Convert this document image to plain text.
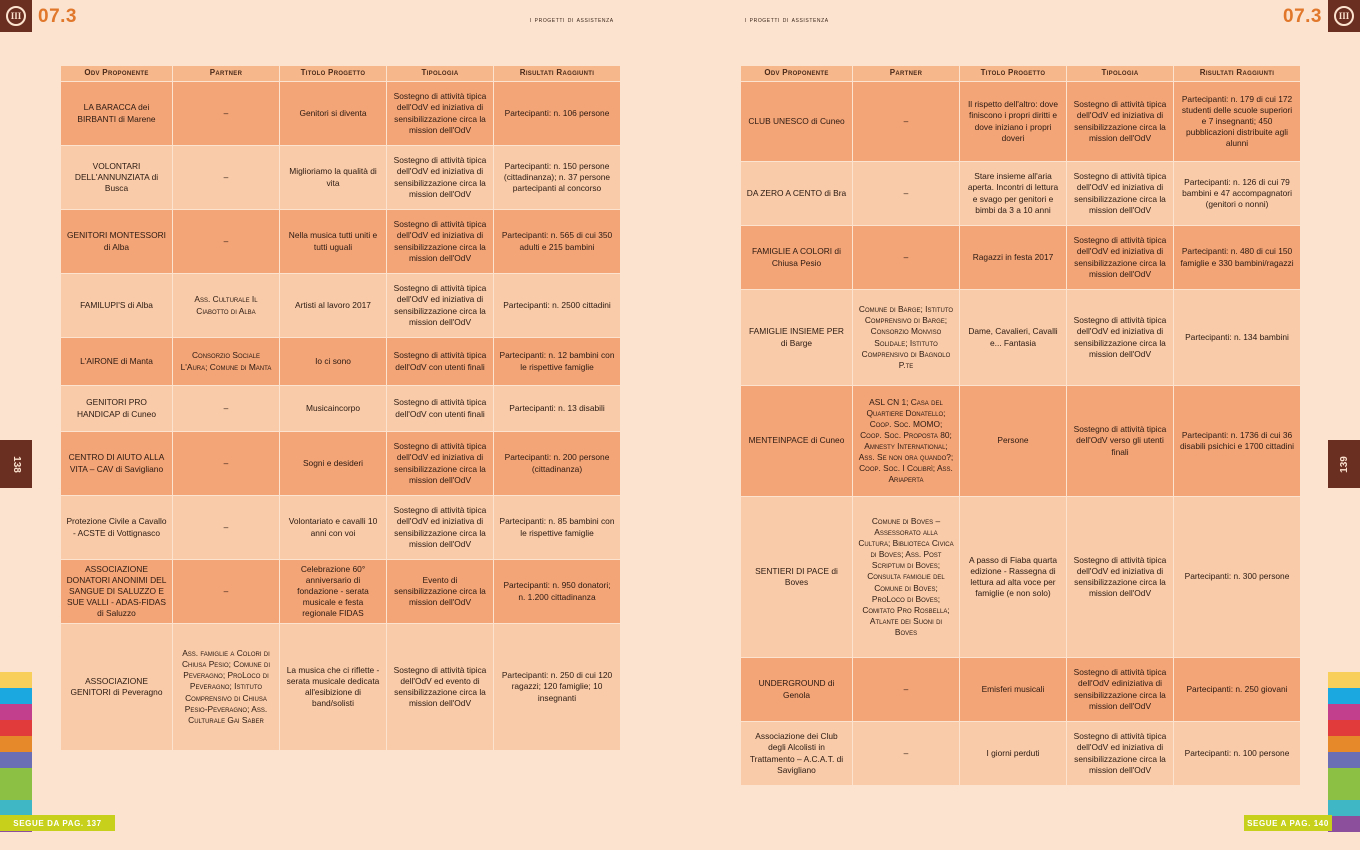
III 07.3	i progetti di assistenza
138
SEGUE DA PAG. 137
Odv Proponente	Partner	Titolo Progetto	Tipologia	Risultati Raggiunti
LA BARACCA dei BIRBANTI di Marene	–	Genitori si diventa	Sostegno di attività tipica dell'OdV ed iniziativa di sensibilizzazione circa la mission dell'OdV	Partecipanti: n. 106 persone
VOLONTARI DELL'ANNUNZIATA di Busca	–	Miglioriamo la qualità di vita	Sostegno di attività tipica dell'OdV ed iniziativa di sensibilizzazione circa la mission dell'OdV	Partecipanti: n. 150 persone (cittadinanza); n. 37 persone partecipanti al concorso
GENITORI MONTESSORI di Alba	–	Nella musica tutti uniti e tutti uguali	Sostegno di attività tipica dell'OdV ed iniziativa di sensibilizzazione circa la mission dell'OdV	Partecipanti: n. 565 di cui 350 adulti e 215 bambini
FAMILUPI'S di Alba	Ass. Culturale Il Ciabotto di Alba	Artisti al lavoro 2017	Sostegno di attività tipica dell'OdV ed iniziativa di sensibilizzazione circa la mission dell'OdV	Partecipanti: n. 2500 cittadini
L'AIRONE di Manta	Consorzio Sociale L'Aura; Comune di Manta	Io ci sono	Sostegno di attività tipica dell'OdV con utenti finali	Partecipanti: n. 12 bambini con le rispettive famiglie
GENITORI PRO HANDICAP di Cuneo	–	Musicaincorpo	Sostegno di attività tipica dell'OdV con utenti finali	Partecipanti: n. 13 disabili
CENTRO DI AIUTO ALLA VITA – CAV di Savigliano	–	Sogni e desideri	Sostegno di attività tipica dell'OdV ed iniziativa di sensibilizzazione circa la mission dell'OdV	Partecipanti: n. 200 persone (cittadinanza)
Protezione Civile a Cavallo - ACSTE di Vottignasco	–	Volontariato e cavalli 10 anni con voi	Sostegno di attività tipica dell'OdV ed iniziativa di sensibilizzazione circa la mission dell'OdV	Partecipanti: n. 85 bambini con le rispettive famiglie
ASSOCIAZIONE DONATORI ANONIMI DEL SANGUE DI SALUZZO E SUE VALLI - ADAS-FIDAS di Saluzzo	–	Celebrazione 60° anniversario di fondazione - serata musicale e festa regionale FIDAS	Evento di sensibilizzazione circa la mission dell'OdV	Partecipanti: n. 950 donatori; n. 1.200 cittadinanza
ASSOCIAZIONE GENITORI di Peveragno	Ass. famiglie a Colori di Chiusa Pesio; Comune di Peveragno; ProLoco di Peveragno; Istituto Comprensivo di Chiusa Pesio-Peveragno; Ass. Culturale Gai Saber	La musica che ci riflette - serata musicale dedicata all'esibizione di band/solisti	Sostegno di attività tipica dell'OdV ed evento di sensibilizzazione circa la mission dell'OdV	Partecipanti: n. 250 di cui 120 ragazzi; 120 famiglie; 10 insegnanti
III
07.3
i progetti di assistenza
139
SEGUE A PAG. 140
Odv Proponente	Partner	Titolo Progetto	Tipologia	Risultati Raggiunti
CLUB UNESCO di Cuneo	–	Il rispetto dell'altro: dove finiscono i propri diritti e dove iniziano i propri doveri	Sostegno di attività tipica dell'OdV ed iniziativa di sensibilizzazione circa la mission dell'OdV	Partecipanti: n. 179 di cui 172 studenti delle scuole superiori e 7 insegnanti; 450 pubblicazioni distribuite agli alunni
DA ZERO A CENTO di Bra	–	Stare insieme all'aria aperta. Incontri di lettura e svago per genitori e bimbi da 3 a 10 anni	Sostegno di attività tipica dell'OdV ed iniziativa di sensibilizzazione circa la mission dell'OdV	Partecipanti: n. 126 di cui 79 bambini e 47 accompagnatori (genitori o nonni)
FAMIGLIE A COLORI di Chiusa Pesio	–	Ragazzi in festa 2017	Sostegno di attività tipica dell'OdV ed iniziativa di sensibilizzazione circa la mission dell'OdV	Partecipanti: n. 480 di cui 150 famiglie e 330 bambini/ragazzi
FAMIGLIE INSIEME PER di Barge	Comune di Barge; Istituto Comprensivo di Barge; Consorzio Monviso Solidale; Istituto Comprensivo di Bagnolo P.te	Dame, Cavalieri, Cavalli e... Fantasia	Sostegno di attività tipica dell'OdV ed iniziativa di sensibilizzazione circa la mission dell'OdV	Partecipanti: n. 134 bambini
MENTEINPACE di Cuneo	ASL CN 1; Casa del Quartiere Donatello; Coop. Soc. MOMO; Coop. Soc. Proposta 80; Amnesty International; Ass. Se non ora quando?; Coop. Soc. I Colibrì; Ass. Ariaperta	Persone	Sostegno di attività tipica dell'OdV verso gli utenti finali	Partecipanti: n. 1736 di cui 36 disabili psichici e 1700 cittadini
SENTIERI DI PACE di Boves	Comune di Boves – Assessorato alla Cultura; Biblioteca Civica di Boves; Ass. Post Scriptum di Boves; Consulta famiglie del Comune di Boves; ProLoco di Boves; Comitato Pro Rosbella; Atlante dei Suoni di Boves	A passo di Fiaba quarta edizione - Rassegna di lettura ad alta voce per famiglie (e non solo)	Sostegno di attività tipica dell'OdV ed iniziativa di sensibilizzazione circa la mission dell'OdV	Partecipanti: n. 300 persone
UNDERGROUND di Genola	–	Emisferi musicali	Sostegno di attività tipica dell'OdV ediniziativa di sensibilizzazione circa la mission dell'OdV	Partecipanti: n. 250 giovani
Associazione dei Club degli Alcolisti in Trattamento – A.C.A.T. di Savigliano	–	I giorni perduti	Sostegno di attività tipica dell'OdV ed iniziativa di sensibilizzazione circa la mission dell'OdV	Partecipanti: n. 100 persone
